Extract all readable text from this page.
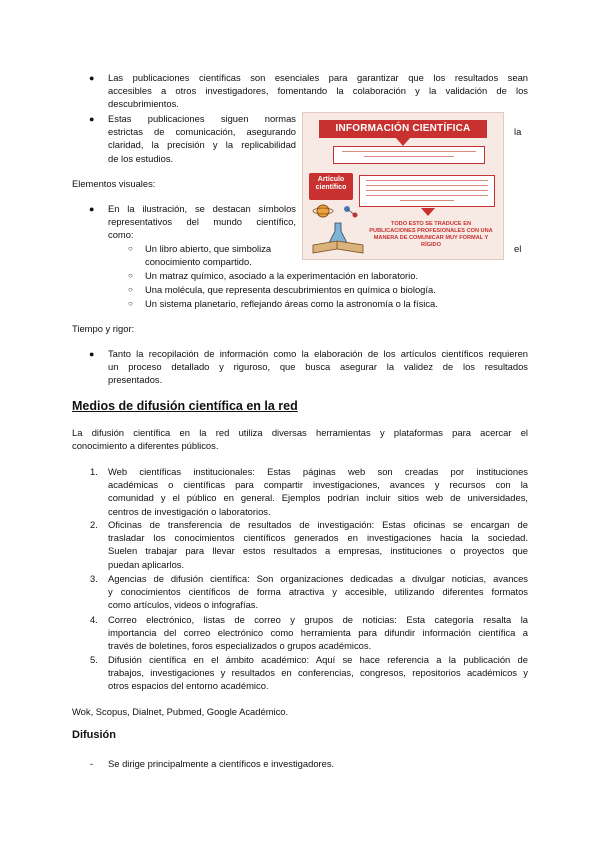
● Las publicaciones científicas son esenciales para garantizar que los resultados sean
accesibles a otros investigadores, fomentando la colaboración y la validación de los
descubrimientos.
● Estas publicaciones siguen normas
estrictas de comunicación, asegurando
claridad, la precisión y la replicabilidad
de los estudios.
la
INFORMACIÓN CIENTÍFICA
Artículo científico
TODO ESTO SE TRADUCE EN PUBLICACIONES PROFESIONALES CON UNA MANERA DE COMUNICAR MUY FORMAL Y RÍGIDO
Elementos visuales:
● En la ilustración, se destacan símbolos
representativos del mundo científico,
como:
○ Un libro abierto, que simboliza	el
conocimiento compartido.
○ Un matraz químico, asociado a la experimentación en laboratorio.
○ Una molécula, que representa descubrimientos en química o biología.
○ Un sistema planetario, reflejando áreas como la astronomía o la física.
Tiempo y rigor:
● Tanto la recopilación de información como la elaboración de los artículos científicos requieren
un proceso detallado y riguroso, que busca asegurar la validez de los resultados
presentados.
Medios de difusión científica en la red
La difusión científica en la red utiliza diversas herramientas y plataformas para acercar el
conocimiento a diferentes públicos.
1. Web científicas institucionales: Estas páginas web son creadas por instituciones
académicas o científicas para compartir investigaciones, avances y recursos con la
comunidad y el público en general. Ejemplos podrían incluir sitios web de universidades,
centros de investigación o laboratorios.
2. Oficinas de transferencia de resultados de investigación: Estas oficinas se encargan de
trasladar los conocimientos científicos generados en investigaciones hacia la sociedad.
Suelen trabajar para llevar estos resultados a empresas, instituciones o proyectos que
puedan aplicarlos.
3. Agencias de difusión científica: Son organizaciones dedicadas a divulgar noticias, avances
y conocimientos científicos de forma atractiva y accesible, utilizando diferentes formatos
como artículos, videos o infografías.
4. Correo electrónico, listas de correo y grupos de noticias: Esta categoría resalta la
importancia del correo electrónico como herramienta para difundir información científica a
través de boletines, foros especializados o grupos académicos.
5. Difusión científica en el ámbito académico: Aquí se hace referencia a la publicación de
trabajos, investigaciones y resultados en conferencias, congresos, repositorios académicos y
otros espacios del entorno académico.
Wok, Scopus, Dialnet, Pubmed, Google Académico.
Difusión
- Se dirige principalmente a científicos e investigadores.
